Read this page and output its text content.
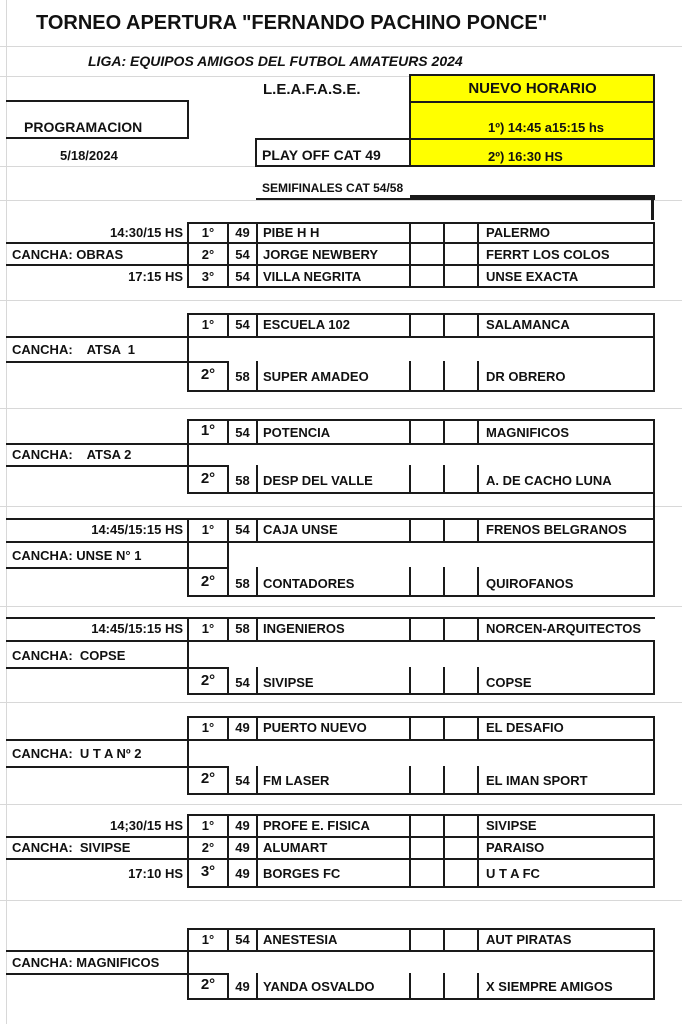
TORNEO APERTURA "FERNANDO PACHINO PONCE"
LIGA: EQUIPOS AMIGOS DEL FUTBOL AMATEURS 2024
L.E.A.F.A.S.E.	NUEVO HORARIO
1º) 14:45 a15:15 hs
2º) 16:30 HS
PROGRAMACION
5/18/2024	PLAY OFF CAT 49
SEMIFINALES CAT 54/58
14:30/15 HS
CANCHA: OBRAS
17:15 HS
1°	49	PIBE H H	PALERMO
2°	54	JORGE NEWBERY	FERRT LOS COLOS
3°	54	VILLA NEGRITA	UNSE EXACTA
CANCHA:    ATSA  1
1°	54	ESCUELA 102	SALAMANCA
2°	58	SUPER AMADEO	DR OBRERO
CANCHA:    ATSA 2
1°	54	POTENCIA	MAGNIFICOS
2°	58	DESP DEL VALLE	A. DE CACHO LUNA
14:45/15:15 HS
CANCHA: UNSE N° 1
1°	54	CAJA UNSE	FRENOS BELGRANOS
2°	58	CONTADORES	QUIROFANOS
14:45/15:15 HS
CANCHA:  COPSE
1°	58	INGENIEROS	NORCEN-ARQUITECTOS
2°	54	SIVIPSE	COPSE
CANCHA:  U T A Nº 2
1°	49	PUERTO NUEVO	EL DESAFIO
2°	54	FM LASER	EL IMAN SPORT
14;30/15 HS
CANCHA:  SIVIPSE
17:10 HS
1°	49	PROFE E. FISICA	SIVIPSE
2°	49	ALUMART	PARAISO
3°	49	BORGES FC	U T A FC
CANCHA: MAGNIFICOS
1°	54	ANESTESIA	AUT PIRATAS
2°	49	YANDA OSVALDO	X SIEMPRE AMIGOS
